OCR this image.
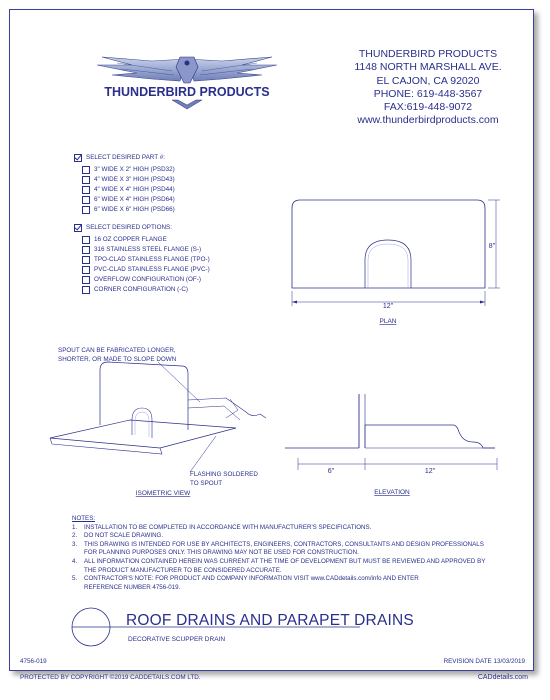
THUNDERBIRD PRODUCTS
THUNDERBIRD PRODUCTS
1148 NORTH MARSHALL AVE.
EL CAJON, CA 92020
PHONE: 619-448-3567
FAX:619-448-9072
www.thunderbirdproducts.com
SELECT DESIRED PART #:
3" WIDE X 2" HIGH (PSD32)
4" WIDE X 3" HIGH (PSD43)
4" WIDE X 4" HIGH (PSD44)
6" WIDE X 4" HIGH (PSD64)
6" WIDE X 6" HIGH (PSD66)
SELECT DESIRED OPTIONS:
16 OZ COPPER FLANGE
316 STAINLESS STEEL FLANGE (S-)
TPO-CLAD STAINLESS FLANGE (TPO-)
PVC-CLAD STAINLESS FLANGE (PVC-)
OVERFLOW CONFIGURATION (OF-)
CORNER CONFIGURATION (-C)
12"
8"
PLAN
SPOUT CAN BE FABRICATED LONGER,
SHORTER, OR MADE TO SLOPE DOWN
FLASHING SOLDERED
TO SPOUT
ISOMETRIC VIEW
6"	12"
ELEVATION
NOTES:
1.	INSTALLATION TO BE COMPLETED IN ACCORDANCE WITH MANUFACTURER'S SPECIFICATIONS.
2.	DO NOT SCALE DRAWING.
3.	THIS DRAWING IS INTENDED FOR USE BY ARCHITECTS, ENGINEERS, CONTRACTORS, CONSULTANTS AND DESIGN PROFESSIONALS
FOR PLANNING PURPOSES ONLY. THIS DRAWING MAY NOT BE USED FOR CONSTRUCTION.
4.	ALL INFORMATION CONTAINED HEREIN WAS CURRENT AT THE TIME OF DEVELOPMENT BUT MUST BE REVIEWED AND APPROVED BY
THE PRODUCT MANUFACTURER TO BE CONSIDERED ACCURATE.
5.	CONTRACTOR'S NOTE: FOR PRODUCT AND COMPANY INFORMATION VISIT www.CADdetails.com/info AND ENTER
REFERENCE NUMBER 4756-019.
ROOF DRAINS AND PARAPET DRAINS
DECORATIVE SCUPPER DRAIN
4756-019	REVISION DATE 13/03/2019
PROTECTED BY COPYRIGHT ©2019 CADDETAILS.COM LTD.	CADdetails.com
